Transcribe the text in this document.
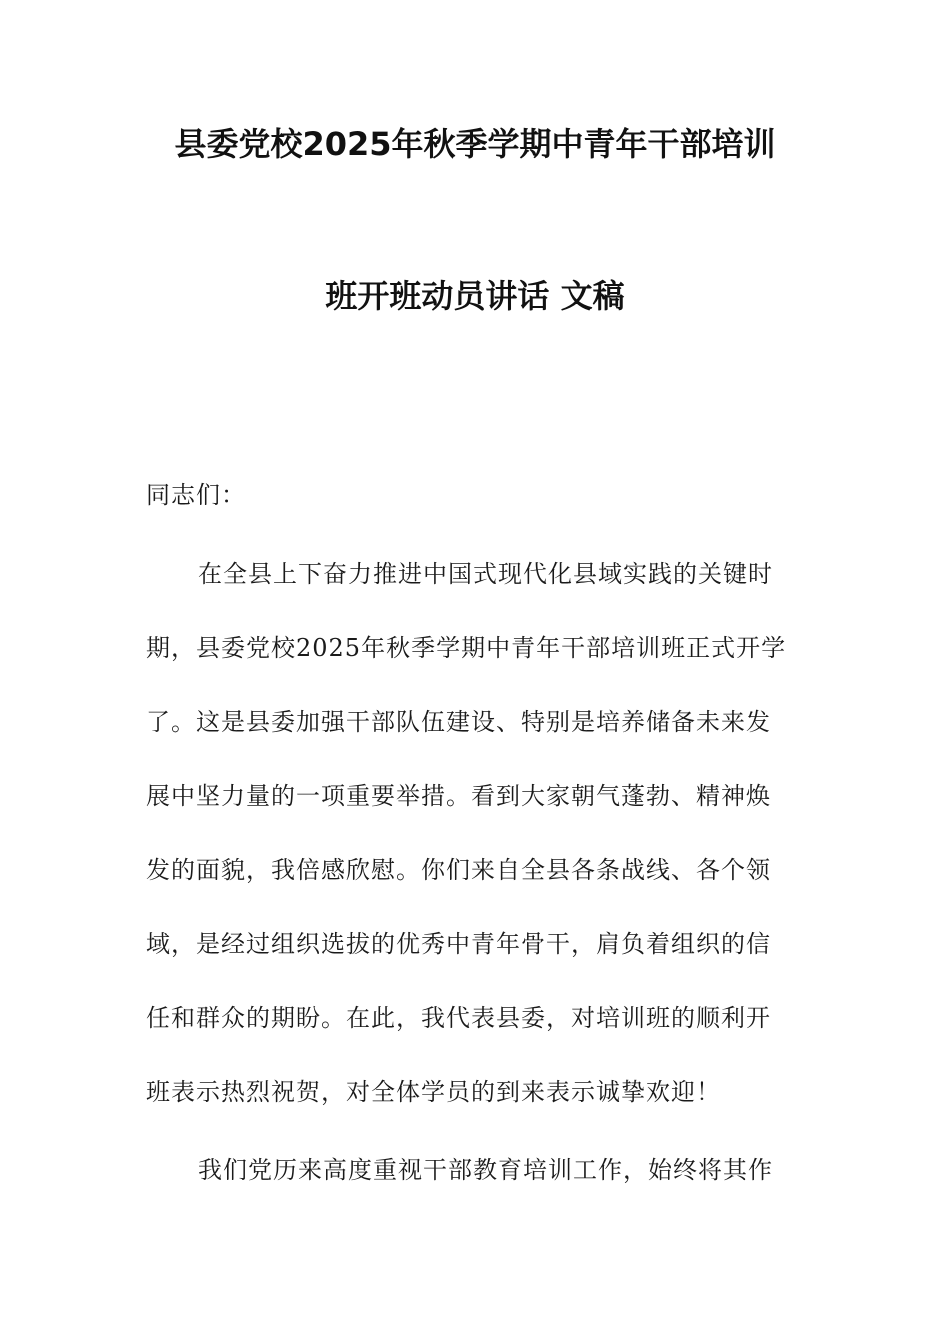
县委党校2025年秋季学期中青年干部培训
班开班动员讲话 文稿
同志们：
在全县上下奋力推进中国式现代化县域实践的关键时
期，县委党校2025年秋季学期中青年干部培训班正式开学
了。这是县委加强干部队伍建设、特别是培养储备未来发
展中坚力量的一项重要举措。看到大家朝气蓬勃、精神焕
发的面貌，我倍感欣慰。你们来自全县各条战线、各个领
域，是经过组织选拔的优秀中青年骨干，肩负着组织的信
任和群众的期盼。在此，我代表县委，对培训班的顺利开
班表示热烈祝贺，对全体学员的到来表示诚挚欢迎！
我们党历来高度重视干部教育培训工作，始终将其作
